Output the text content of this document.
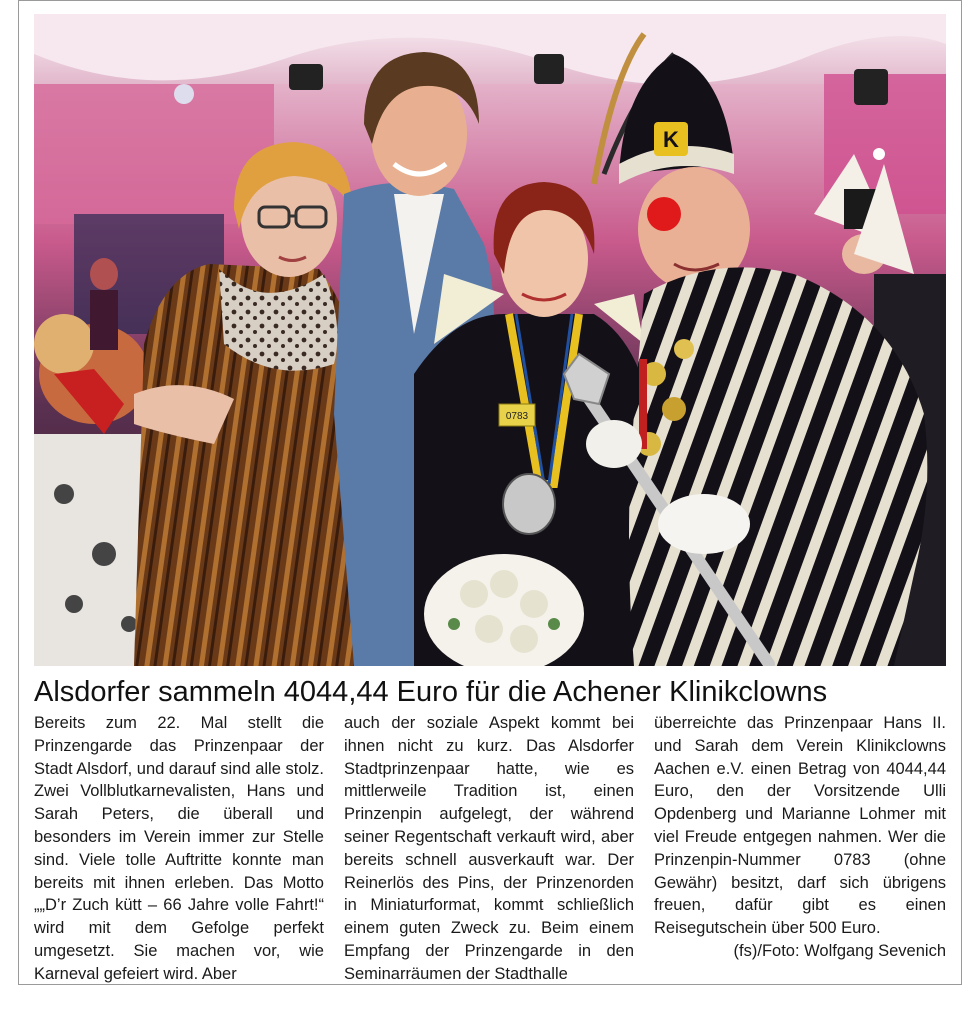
0783
K
Alsdorfer sammeln 4044,44 Euro für die Achener Klinikclowns

Bereits zum 22. Mal stellt die Prinzengarde das Prinzenpaar der Stadt Alsdorf, und darauf sind alle stolz. Zwei Vollblutkarnevalisten, Hans und Sarah Peters, die überall und besonders im Verein immer zur Stelle sind. Viele tolle Auftritte konnte man bereits mit ihnen erleben. Das Motto „„D’r Zuch kütt – 66 Jahre volle Fahrt!“ wird mit dem Gefolge perfekt umgesetzt. Sie machen vor, wie Karneval gefeiert wird. Aber

auch der soziale Aspekt kommt bei ihnen nicht zu kurz. Das Alsdorfer Stadtprinzenpaar hatte, wie es mittlerweile Tradition ist, einen Prinzenpin aufgelegt, der während seiner Regentschaft verkauft wird, aber bereits schnell ausverkauft war. Der Reinerlös des Pins, der Prinzenorden in Miniaturformat, kommt schließlich einem guten Zweck zu. Beim einem Empfang der Prinzengarde in den Seminarräumen der Stadthalle

überreichte das Prinzenpaar Hans II. und Sarah dem Verein Klinikclowns Aachen e.V. einen Betrag von 4044,44 Euro, den der Vorsitzende Ulli Opdenberg und Marianne Lohmer mit viel Freude entgegen nahmen. Wer die Prinzenpin-Nummer 0783 (ohne Gewähr) besitzt, darf sich übrigens freuen, dafür gibt es einen Reisegutschein über 500 Euro.

(fs)/Foto: Wolfgang Sevenich
